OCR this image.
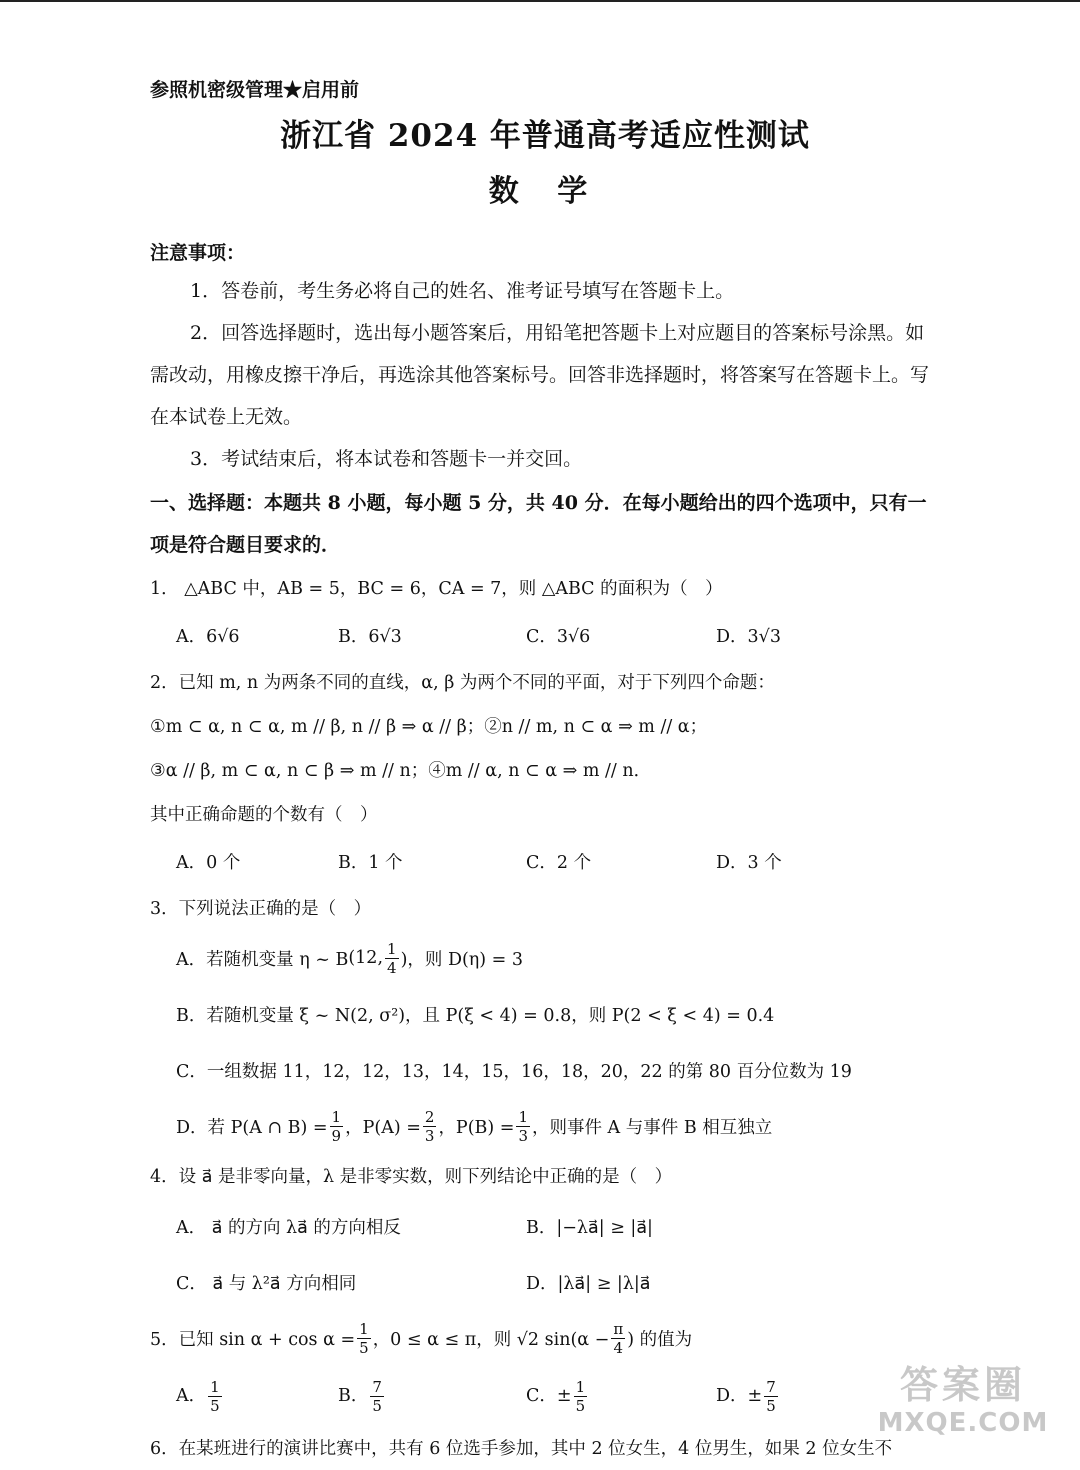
参照机密级管理★启用前
浙江省 2024 年普通高考适应性测试
数 学
注意事项：
1．答卷前，考生务必将自己的姓名、准考证号填写在答题卡上。
2．回答选择题时，选出每小题答案后，用铅笔把答题卡上对应题目的答案标号涂黑。如需改动，用橡皮擦干净后，再选涂其他答案标号。回答非选择题时，将答案写在答题卡上。写在本试卷上无效。
3．考试结束后，将本试卷和答题卡一并交回。
一、选择题：本题共 8 小题，每小题 5 分，共 40 分．在每小题给出的四个选项中，只有一项是符合题目要求的．
1． △ABC 中，AB = 5，BC = 6，CA = 7，则 △ABC 的面积为（　）
A．6√6	B．6√3	C．3√6	D．3√3
2．已知 m, n 为两条不同的直线，α, β 为两个不同的平面，对于下列四个命题：
①m ⊂ α, n ⊂ α, m // β, n // β ⇒ α // β；②n // m, n ⊂ α ⇒ m // α；
③α // β, m ⊂ α, n ⊂ β ⇒ m // n；④m // α, n ⊂ α ⇒ m // n．
其中正确命题的个数有（　）
A．0 个	B．1 个	C．2 个	D．3 个
3．下列说法正确的是（　）
A．若随机变量 η ~ B (12, $\frac{1}{4}$ )，则 D(η) = 3
B．若随机变量 ξ ~ N(2, σ²)，且 P(ξ < 4) = 0.8，则 P(2 < ξ < 4) = 0.4
C．一组数据 11，12，12，13，14，15，16，18，20，22 的第 80 百分位数为 19
D．若 P(A ∩ $B) = \frac{1}{9}$ ，$P(A) = \frac{2}{3}$ ，$P(B) = \frac{1}{3}$ ，则事件 A 与事件 B 相互独立
4．设 a⃗ 是非零向量，λ 是非零实数，则下列结论中正确的是（　）
A． a⃗ 的方向 λa⃗ 的方向相反	B．|−λa⃗| ≥ |a⃗|
C． a⃗ 与 λ²a⃗ 方向相同	D．|λa⃗| ≥ |λ|a⃗
5．已知 $\sin \alpha + \cos \alpha = \frac{1}{5}$ ，0 ≤ α ≤ π，则 √2 $\sin(\alpha - \frac{\pi}{4}$ ) 的值为
A． $\frac{1}{5}$	B． $\frac{7}{5}$	C．± $\frac{1}{5}$	D．± $\frac{7}{5}$
6．在某班进行的演讲比赛中，共有 6 位选手参加，其中 2 位女生，4 位男生，如果 2 位女生不
答案圈
MXQE.COM
